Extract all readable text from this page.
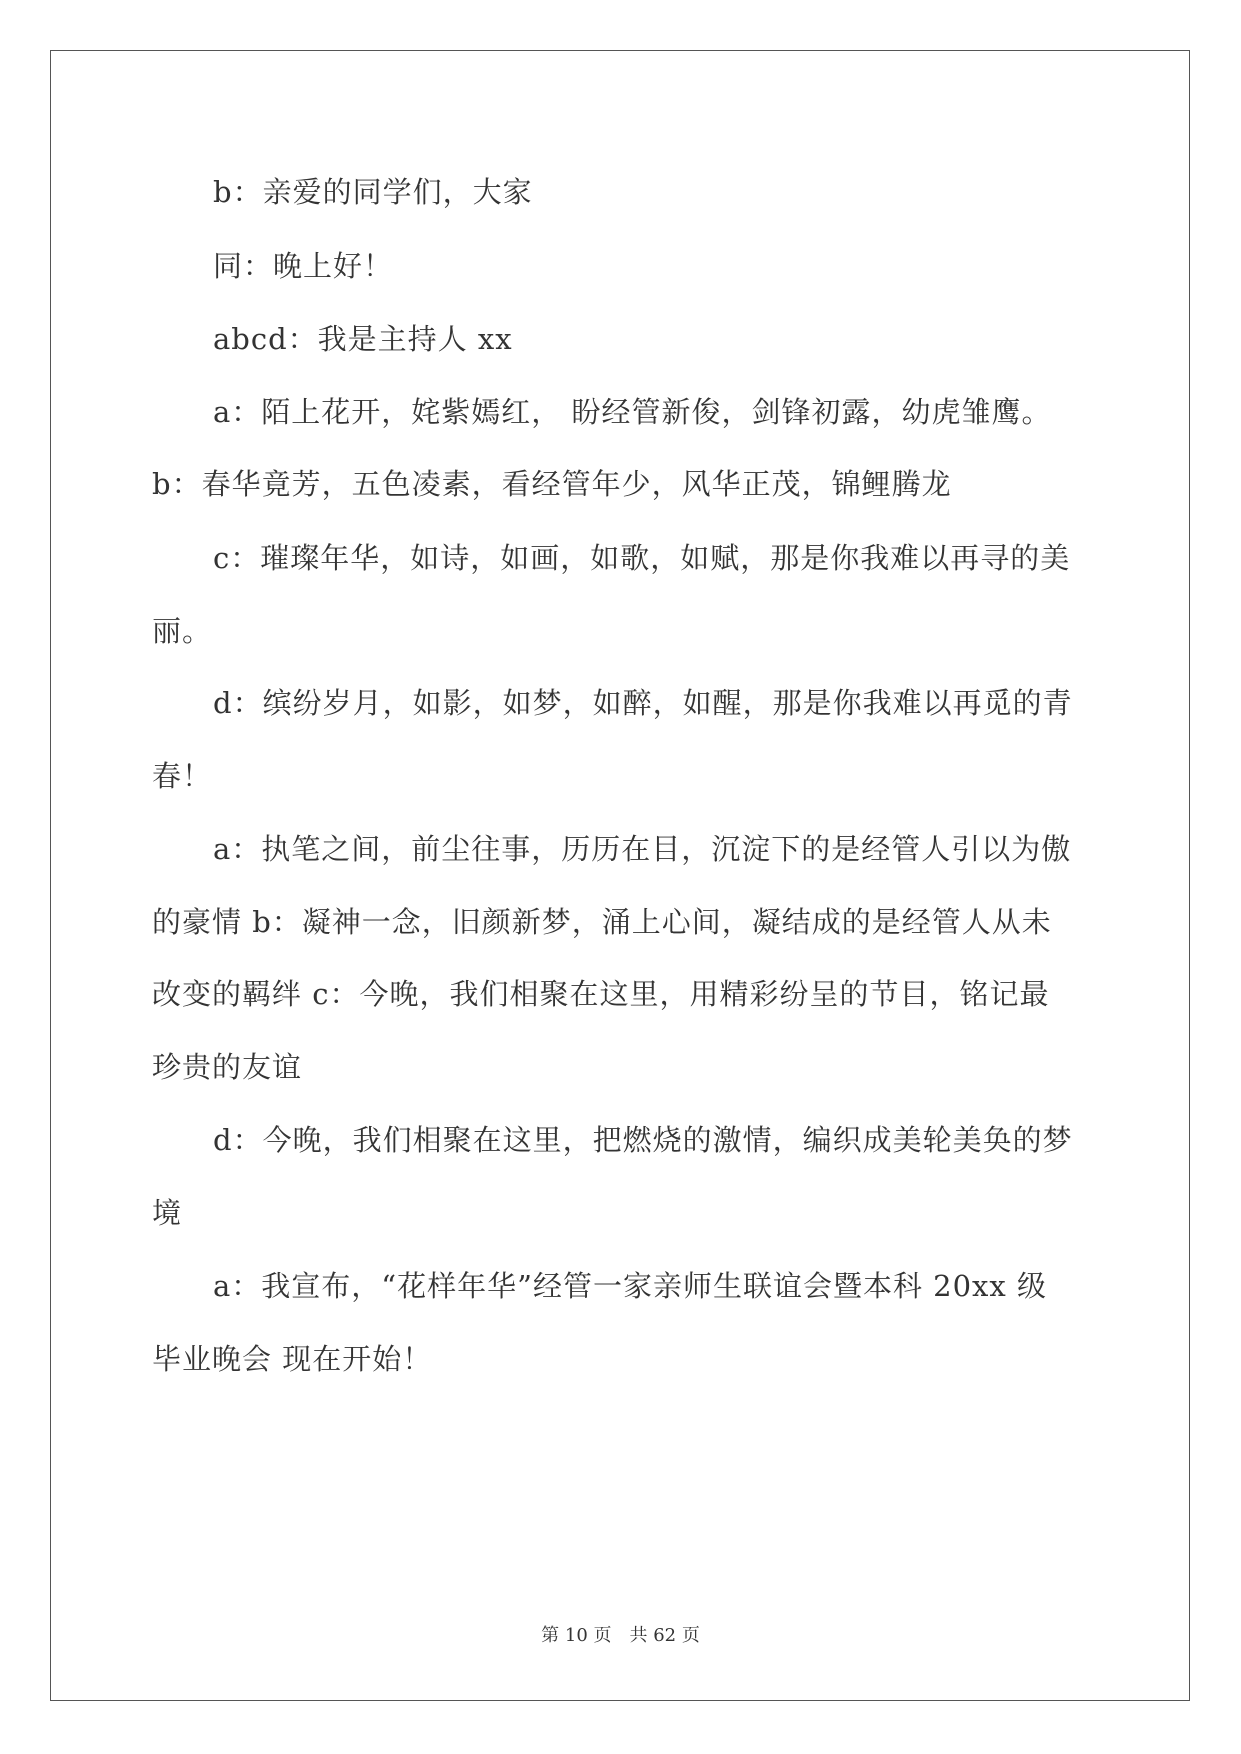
b：亲爱的同学们，大家
同：晚上好！
abcd：我是主持人 xx
a：陌上花开，姹紫嫣红， 盼经管新俊，剑锋初露，幼虎雏鹰。
b：春华竟芳，五色凌素，看经管年少，风华正茂，锦鲤腾龙
c：璀璨年华，如诗，如画，如歌，如赋，那是你我难以再寻的美
丽。
d：缤纷岁月，如影，如梦，如醉，如醒，那是你我难以再觅的青
春！
a：执笔之间，前尘往事，历历在目，沉淀下的是经管人引以为傲
的豪情 b：凝神一念，旧颜新梦，涌上心间，凝结成的是经管人从未
改变的羁绊 c：今晚，我们相聚在这里，用精彩纷呈的节目，铭记最
珍贵的友谊
d：今晚，我们相聚在这里，把燃烧的激情，编织成美轮美奂的梦
境
a：我宣布，“花样年华”经管一家亲师生联谊会暨本科 20xx 级
毕业晚会 现在开始！
第 10 页　共 62 页
